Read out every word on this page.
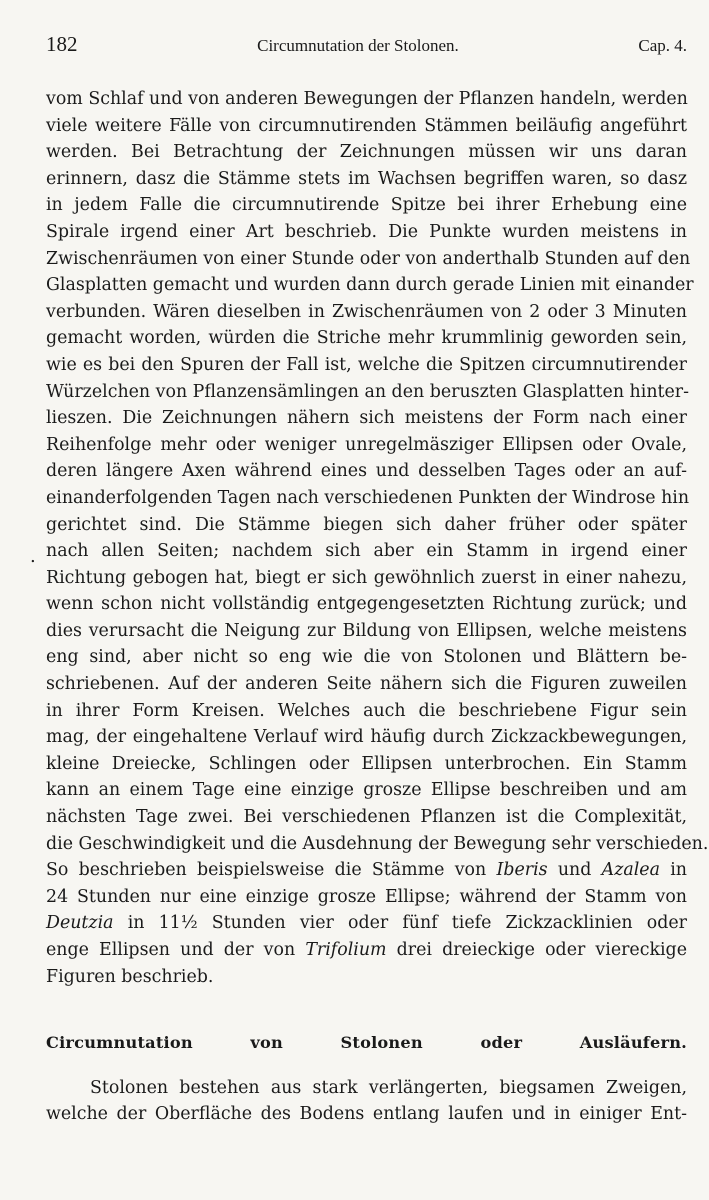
182	Circumnutation der Stolonen.	Cap. 4.
.
vom Schlaf und von anderen Bewegungen der Pflanzen handeln, werden
viele weitere Fälle von circumnutirenden Stämmen beiläufig angeführt
werden. Bei Betrachtung der Zeichnungen müssen wir uns daran
erinnern, dasz die Stämme stets im Wachsen begriffen waren, so dasz
in jedem Falle die circumnutirende Spitze bei ihrer Erhebung eine
Spirale irgend einer Art beschrieb. Die Punkte wurden meistens in
Zwischenräumen von einer Stunde oder von anderthalb Stunden auf den
Glasplatten gemacht und wurden dann durch gerade Linien mit einander
verbunden. Wären dieselben in Zwischenräumen von 2 oder 3 Minuten
gemacht worden, würden die Striche mehr krummlinig geworden sein,
wie es bei den Spuren der Fall ist, welche die Spitzen circumnutirender
Würzelchen von Pflanzensämlingen an den beruszten Glasplatten hinter-
lieszen. Die Zeichnungen nähern sich meistens der Form nach einer
Reihenfolge mehr oder weniger unregelmäsziger Ellipsen oder Ovale,
deren längere Axen während eines und desselben Tages oder an auf-
einanderfolgenden Tagen nach verschiedenen Punkten der Windrose hin
gerichtet sind. Die Stämme biegen sich daher früher oder später
nach allen Seiten; nachdem sich aber ein Stamm in irgend einer
Richtung gebogen hat, biegt er sich gewöhnlich zuerst in einer nahezu,
wenn schon nicht vollständig entgegengesetzten Richtung zurück; und
dies verursacht die Neigung zur Bildung von Ellipsen, welche meistens
eng sind, aber nicht so eng wie die von Stolonen und Blättern be-
schriebenen. Auf der anderen Seite nähern sich die Figuren zuweilen
in ihrer Form Kreisen. Welches auch die beschriebene Figur sein
mag, der eingehaltene Verlauf wird häufig durch Zickzackbewegungen,
kleine Dreiecke, Schlingen oder Ellipsen unterbrochen. Ein Stamm
kann an einem Tage eine einzige grosze Ellipse beschreiben und am
nächsten Tage zwei. Bei verschiedenen Pflanzen ist die Complexität,
die Geschwindigkeit und die Ausdehnung der Bewegung sehr verschieden.
So beschrieben beispielsweise die Stämme von Iberis und Azalea in
24 Stunden nur eine einzige grosze Ellipse; während der Stamm von
Deutzia in 11½ Stunden vier oder fünf tiefe Zickzacklinien oder
enge Ellipsen und der von Trifolium drei dreieckige oder viereckige
Figuren beschrieb.
Circumnutation von Stolonen oder Ausläufern.
Stolonen bestehen aus stark verlängerten, biegsamen Zweigen,
welche der Oberfläche des Bodens entlang laufen und in einiger Ent-
